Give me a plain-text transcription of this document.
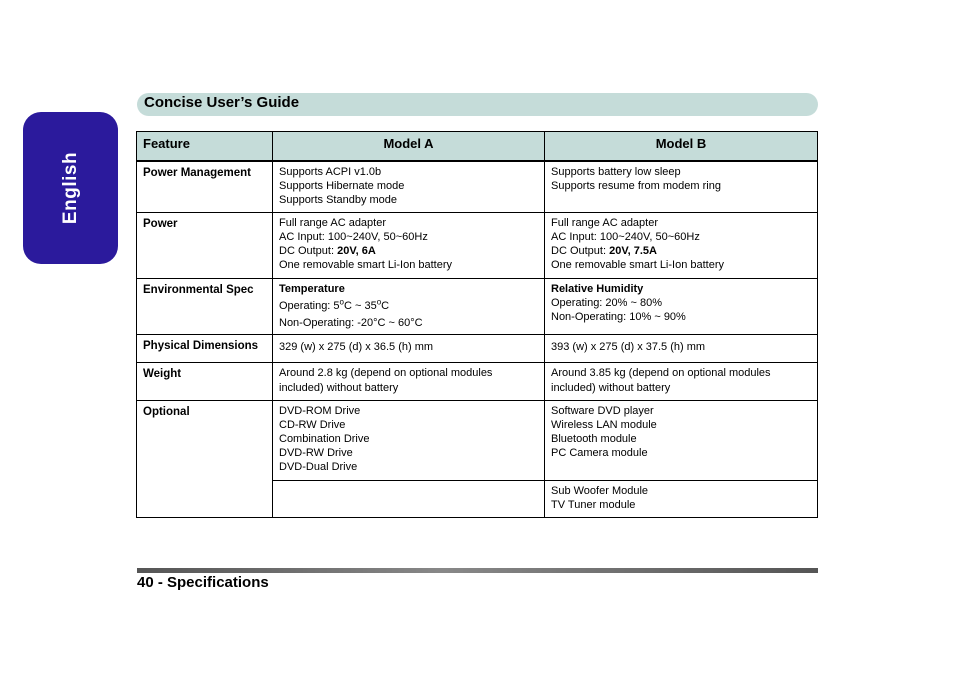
English
Concise User’s Guide
Feature	Model A	Model B
Power Management	Supports ACPI v1.0b
Supports Hibernate mode
Supports Standby mode	Supports battery low sleep
Supports resume from modem ring

Power	Full range AC adapter
AC Input: 100~240V, 50~60Hz
DC Output: 20V, 6A
One removable smart Li-Ion battery	Full range AC adapter
AC Input: 100~240V, 50~60Hz
DC Output: 20V, 7.5A
One removable smart Li-Ion battery

Environmental Spec	Temperature
Operating: 5$^o$C ~ 35$^o$C
Non-Operating: -20°C ~ 60°C	Relative Humidity
Operating: 20% ~ 80%
Non-Operating: 10% ~ 90%

Physical Dimensions	329 (w) x 275 (d) x 36.5 (h) mm	393 (w) x 275 (d) x 37.5 (h) mm
Weight	Around 2.8 kg (depend on optional modules included) without battery	Around 3.85 kg (depend on optional modules included) without battery

Optional	DVD-ROM Drive
CD-RW Drive
Combination Drive
DVD-RW Drive
DVD-Dual Drive	Software DVD player
Wireless LAN module
Bluetooth module
PC Camera module

		Sub Woofer Module
TV Tuner module
40 - Specifications
